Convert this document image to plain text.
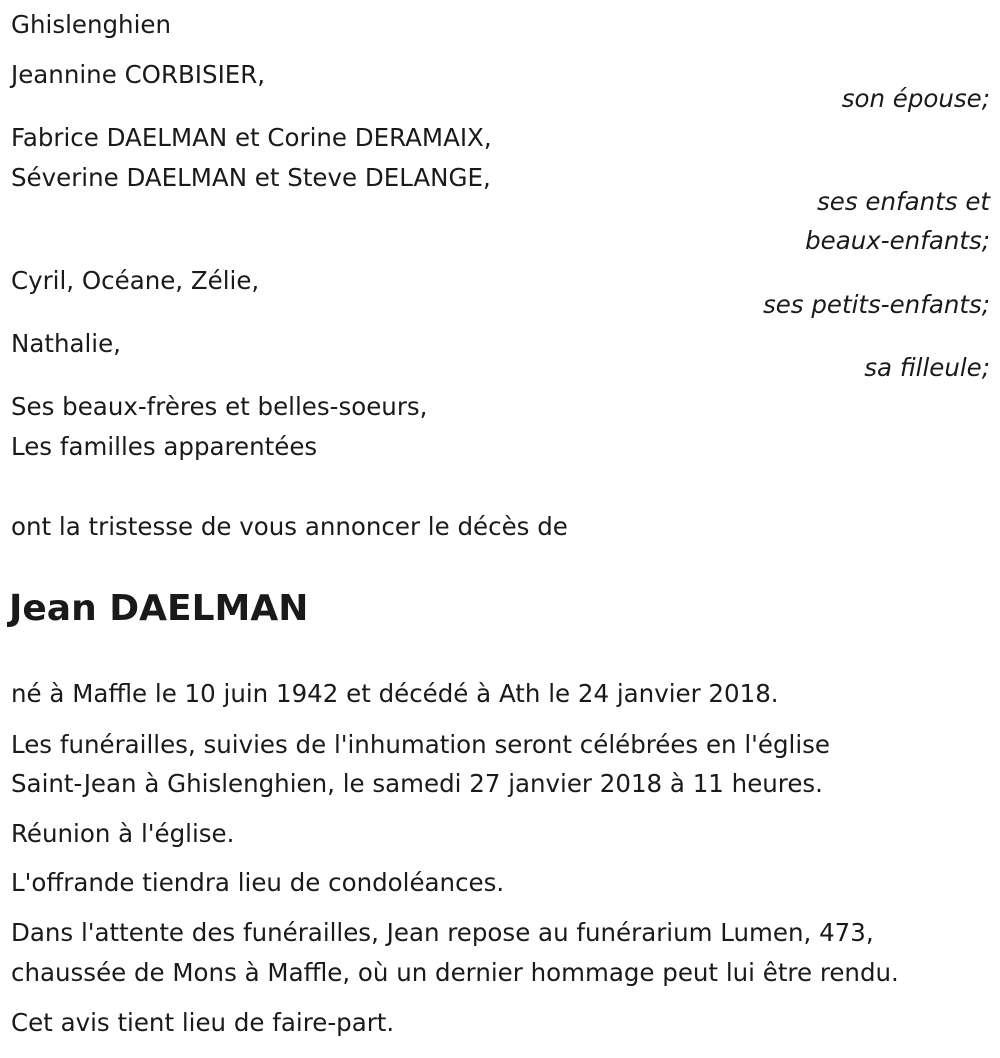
Ghislenghien
Jeannine CORBISIER,
son épouse;
Fabrice DAELMAN et Corine DERAMAIX,
Séverine DAELMAN et Steve DELANGE,
ses enfants et
beaux-enfants;
Cyril, Océane, Zélie,
ses petits-enfants;
Nathalie,
sa filleule;
Ses beaux-frères et belles-soeurs,
Les familles apparentées
ont la tristesse de vous annoncer le décès de
Jean DAELMAN
né à Maffle le 10 juin 1942 et décédé à Ath le 24 janvier 2018.
Les funérailles, suivies de l'inhumation seront célébrées en l'église
Saint-Jean à Ghislenghien, le samedi 27 janvier 2018 à 11 heures.
Réunion à l'église.
L'offrande tiendra lieu de condoléances.
Dans l'attente des funérailles, Jean repose au funérarium Lumen, 473,
chaussée de Mons à Maffle, où un dernier hommage peut lui être rendu.
Cet avis tient lieu de faire-part.
